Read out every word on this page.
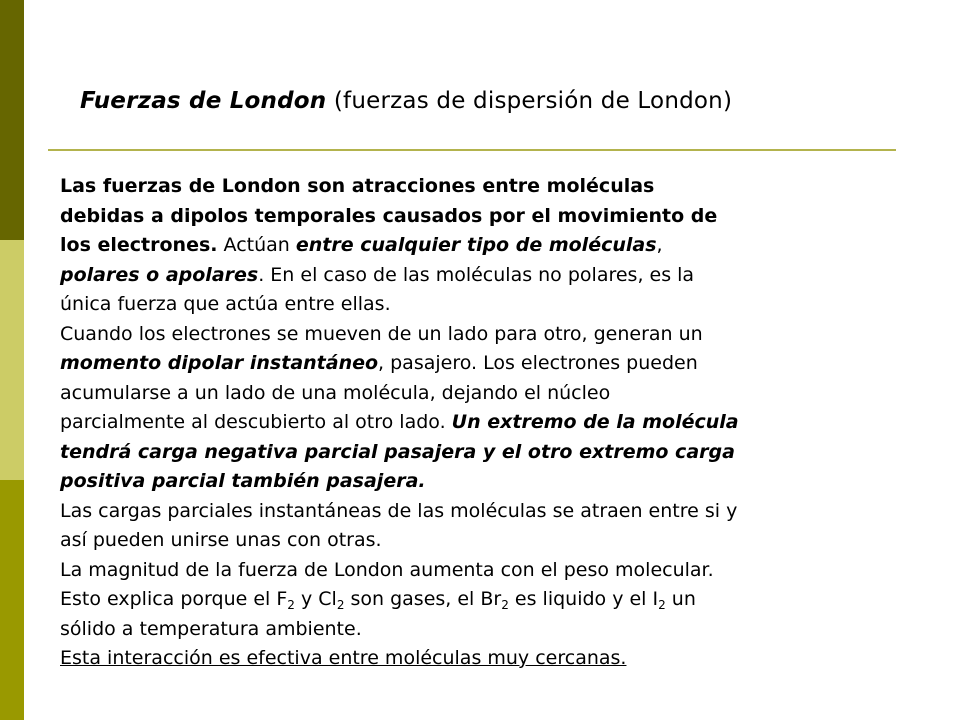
Fuerzas de London (fuerzas de dispersión de London)

Las fuerzas de London son atracciones entre moléculas

debidas a dipolos temporales causados por el movimiento de

los electrones. Actúan entre cualquier tipo de moléculas,

polares o apolares. En el caso de las moléculas no polares, es la

única fuerza que actúa entre ellas.

Cuando los electrones se mueven de un lado para otro, generan un

momento dipolar instantáneo, pasajero. Los electrones pueden

acumularse a un lado de una molécula, dejando el núcleo

parcialmente al descubierto al otro lado. Un extremo de la molécula

tendrá carga negativa parcial pasajera y el otro extremo carga

positiva parcial también pasajera.

Las cargas parciales instantáneas de las moléculas se atraen entre si y

así pueden unirse unas con otras.

La magnitud de la fuerza de London aumenta con el peso molecular.

Esto explica porque el $F_2$ y $Cl_2$ son gases, el $Br_2$ es liquido y el $I_2$ un

sólido a temperatura ambiente.

Esta interacción es efectiva entre moléculas muy cercanas.
